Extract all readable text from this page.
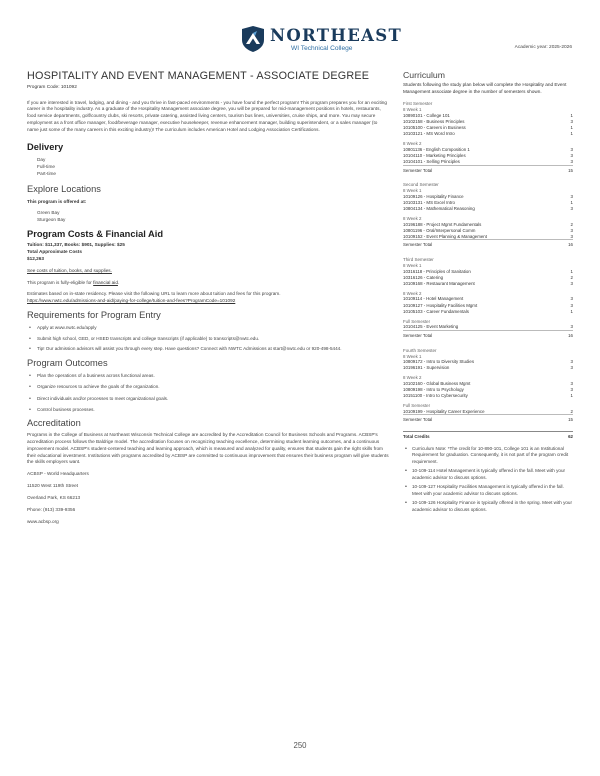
NORTHEAST
WI Technical College	Academic year: 2025-2026
HOSPITALITY AND EVENT MANAGEMENT - ASSOCIATE DEGREE
Program Code: 101092

If you are interested in travel, lodging, and dining - and you thrive in fast-paced environments - you have found the perfect program! This program prepares you for an exciting career in the hospitality industry. As a graduate of the Hospitality Management associate degree, you will be prepared for mid-management positions in hotels, restaurants, food service departments, golf/country clubs, ski resorts, private catering, assisted living centers, tourism bus lines, universities, cruise ships, and more. You may secure employment as a front office manager, food/beverage manager, executive housekeeper, revenue enhancement manager, building superintendent, or a sales manager (to name just some of the many careers in this exciting industry)! The curriculum includes American Hotel and Lodging Association Certifications.

Delivery
Day
Full-time
Part-time
Explore Locations

This program is offered at:

Green Bay
Sturgeon Bay
Program Costs & Financial Aid

Tuition: $11,337, Books: $901, Supplies: $25

Total Approximate Costs

$12,263

See costs of tuition, books, and supplies.

This program is fully-eligible for financial aid.

Estimates based on in-state residency. Please visit the following URL to learn more about tuition and fees for this program.

https://www.nwtc.edu/admissions-and-aid/paying-for-college/tuition-and-fees?ProgramCode=101092

Requirements for Program Entry
• Apply at www.nwtc.edu/apply
• Submit high school, GED, or HSED transcripts and college transcripts (if applicable) to transcripts@nwtc.edu.
• Tip! Our admission advisors will assist you through every step. Have questions? Connect with NWTC Admissions at start@nwtc.edu or 920-498-5444.
Program Outcomes
• Plan the operations of a business across functional areas.
• Organize resources to achieve the goals of the organization.
• Direct individuals and/or processes to meet organizational goals.
• Control business processes.
Accreditation

Programs in the College of Business at Northeast Wisconsin Technical College are accredited by the Accreditation Council for Business Schools and Programs. ACBSP's accreditation process follows the Baldrige model. The accreditation focuses on recognizing teaching excellence, determining student learning outcomes, and a continuous improvement model. ACBSP's student-centered teaching and learning approach, which is measured and analyzed for quality, ensures that students gain the right skills from their educational investment. Institutions with programs accredited by ACBSP are committed to continuous improvement that ensures their business program will give students the skills employers want.

ACBSP - World Headquarters

11520 West 119th Street

Overland Park, KS 66213

Phone: (913) 339-9356

www.acbsp.org

Curriculum

Students following the study plan below will complete the Hospitality and Event Management associate degree in the number of semesters shown.

First Semester
8 Week 1
10890101 - College 101	1
10102158 - Business Principles	3
10105100 - Careers in Business	1
10103121 - MS Word Intro	1
8 Week 2
10801136 - English Composition 1	3
10104110 - Marketing Principles	3
10104101 - Selling Principles	3
Semester Total	15
Second Semester
8 Week 1
10109126 - Hospitality Finance	3
10103131 - MS Excel Intro	1
10804134 - Mathematical Reasoning	3
8 Week 2
10196188 - Project Mgmt Fundamentals	2
10801196 - Oral/Interpersonal Comm	3
10109152 - Event Planning & Management	3
Semester Total	16
Third Semester
8 Week 1
10316118 - Principles of Sanitation	1
10316126 - Catering	2
10109168 - Restaurant Management	3
8 Week 2
10109114 - Hotel Management	3
10109127 - Hospitality Facilities Mgmt	3
10105103 - Career Fundamentals	1
Full Semester
10104125 - Event Marketing	3
Semester Total	16
Fourth Semester
8 Week 1
10809172 - Intro to Diversity Studies	3
10196191 - Supervision	3
8 Week 2
10102160 - Global Business Mgmt	3
10809198 - Intro to Psychology	3
10151100 - Intro to Cybersecurity	1
Full Semester
10109199 - Hospitality Career Experience	2
Semester Total	15
Total Credits	62
• Curriculum Note: *The credit for 10-890-101, College 101 is an Institutional Requirement for graduation. Consequently, it is not part of the program credit requirement.
• 10-109-114 Hotel Management is typically offered in the fall. Meet with your academic advisor to discuss options.
• 10-109-127 Hospitality Facilities Management is typically offered in the fall. Meet with your academic advisor to discuss options.
• 10-109-126 Hospitality Finance is typically offered in the spring. Meet with your academic advisor to discuss options.
250
